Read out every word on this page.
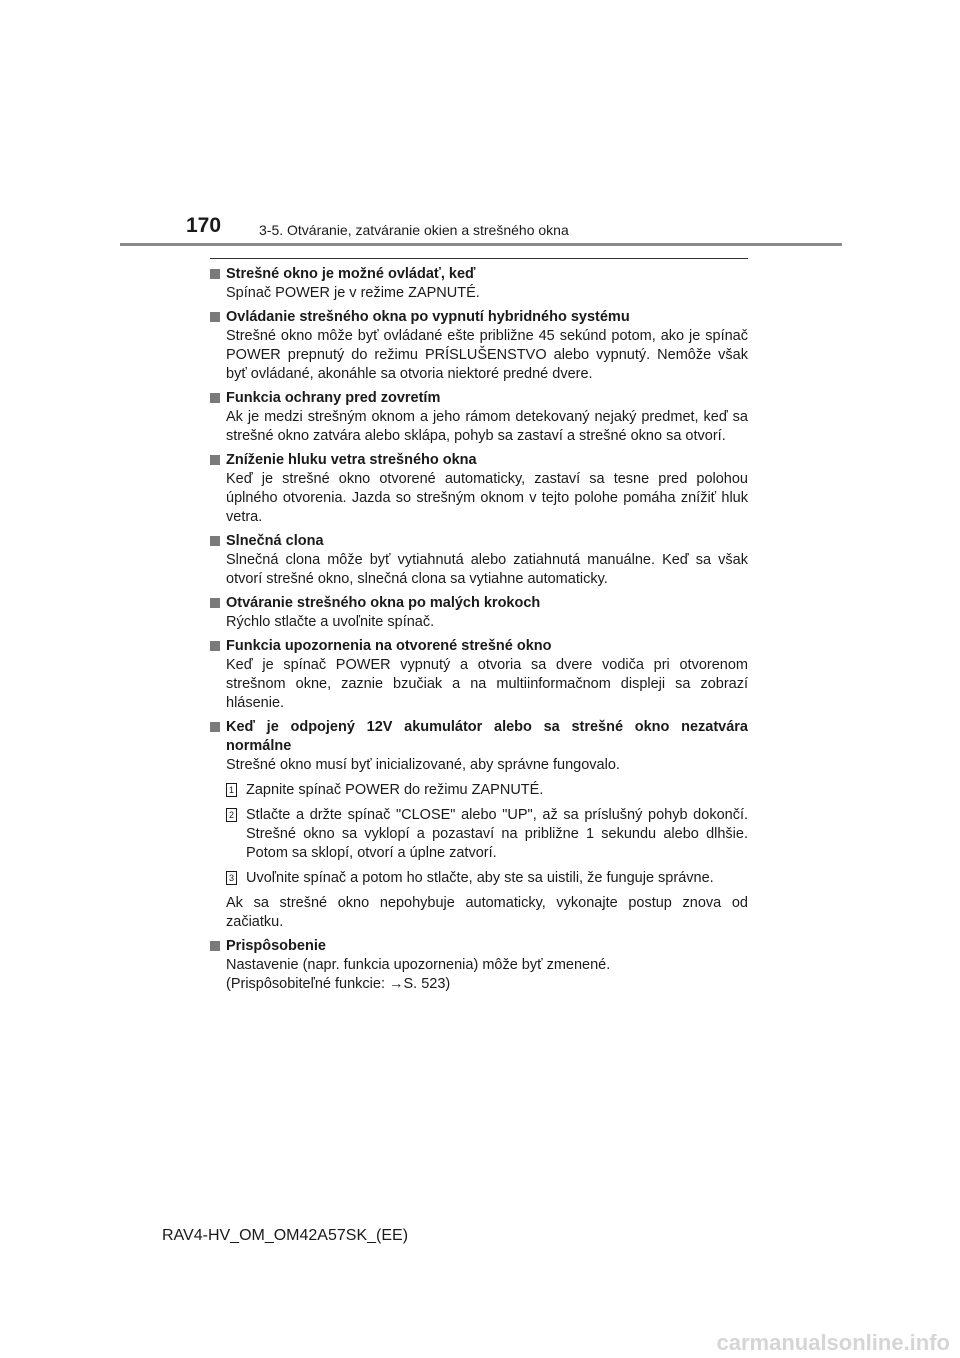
170	3-5. Otváranie, zatváranie okien a strešného okna
Strešné okno je možné ovládať, keď
Spínač POWER je v režime ZAPNUTÉ.
Ovládanie strešného okna po vypnutí hybridného systému
Strešné okno môže byť ovládané ešte približne 45 sekúnd potom, ako je spínač POWER prepnutý do režimu PRÍSLUŠENSTVO alebo vypnutý. Nemôže však byť ovládané, akonáhle sa otvoria niektoré predné dvere.
Funkcia ochrany pred zovretím
Ak je medzi strešným oknom a jeho rámom detekovaný nejaký predmet, keď sa strešné okno zatvára alebo sklápa, pohyb sa zastaví a strešné okno sa otvorí.
Zníženie hluku vetra strešného okna
Keď je strešné okno otvorené automaticky, zastaví sa tesne pred polohou úplného otvorenia. Jazda so strešným oknom v tejto polohe pomáha znížiť hluk vetra.
Slnečná clona
Slnečná clona môže byť vytiahnutá alebo zatiahnutá manuálne. Keď sa však otvorí strešné okno, slnečná clona sa vytiahne automaticky.
Otváranie strešného okna po malých krokoch
Rýchlo stlačte a uvoľnite spínač.
Funkcia upozornenia na otvorené strešné okno
Keď je spínač POWER vypnutý a otvoria sa dvere vodiča pri otvorenom strešnom okne, zaznie bzučiak a na multiinformačnom displeji sa zobrazí hlásenie.
Keď je odpojený 12V akumulátor alebo sa strešné okno nezatvára normálne
Strešné okno musí byť inicializované, aby správne fungovalo.
1 Zapnite spínač POWER do režimu ZAPNUTÉ.
2 Stlačte a držte spínač "CLOSE" alebo "UP", až sa príslušný pohyb dokončí. Strešné okno sa vyklopí a pozastaví na približne 1 sekundu alebo dlhšie. Potom sa sklopí, otvorí a úplne zatvorí.
3 Uvoľnite spínač a potom ho stlačte, aby ste sa uistili, že funguje správne.
Ak sa strešné okno nepohybuje automaticky, vykonajte postup znova od začiatku.
Prispôsobenie
Nastavenie (napr. funkcia upozornenia) môže byť zmenené.
(Prispôsobiteľné funkcie: →S. 523)
RAV4-HV_OM_OM42A57SK_(EE)
carmanualsonline.info
